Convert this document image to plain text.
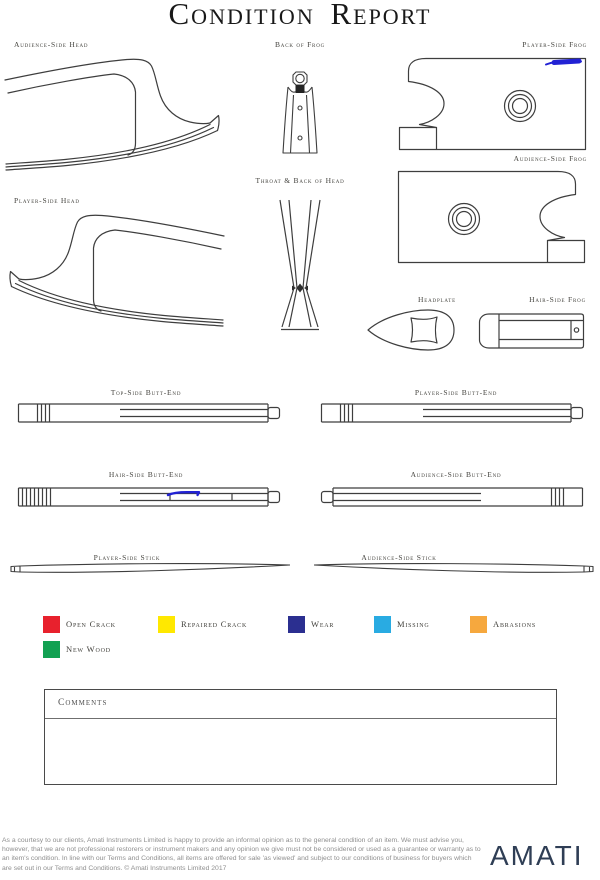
Condition Report
Audience-Side Head	Back of Frog	Player-Side Frog
Audience-Side Frog
Player-Side Head
Throat & Back of Head
Headplate	Hair-Side Frog
Top-Side Butt-End	Player-Side Butt-End
Hair-Side Butt-End	Audience-Side Butt-End
Player-Side Stick	Audience-Side Stick
Open Crack	Repaired Crack	Wear	Missing	Abrasions
New Wood
Comments
As a courtesy to our clients, Amati Instruments Limited is happy to provide an informal opinion as to the general condition of an item. We must advise you, however, that we are not professional restorers or instrument makers and any opinion we give must not be considered or used as a guarantee or warranty as to an item's condition. In line with our Terms and Conditions, all items are offered for sale 'as viewed' and subject to our conditions of business for buyers which are set out in our Terms and Conditions. © Amati Instruments Limited 2017	AMATI
